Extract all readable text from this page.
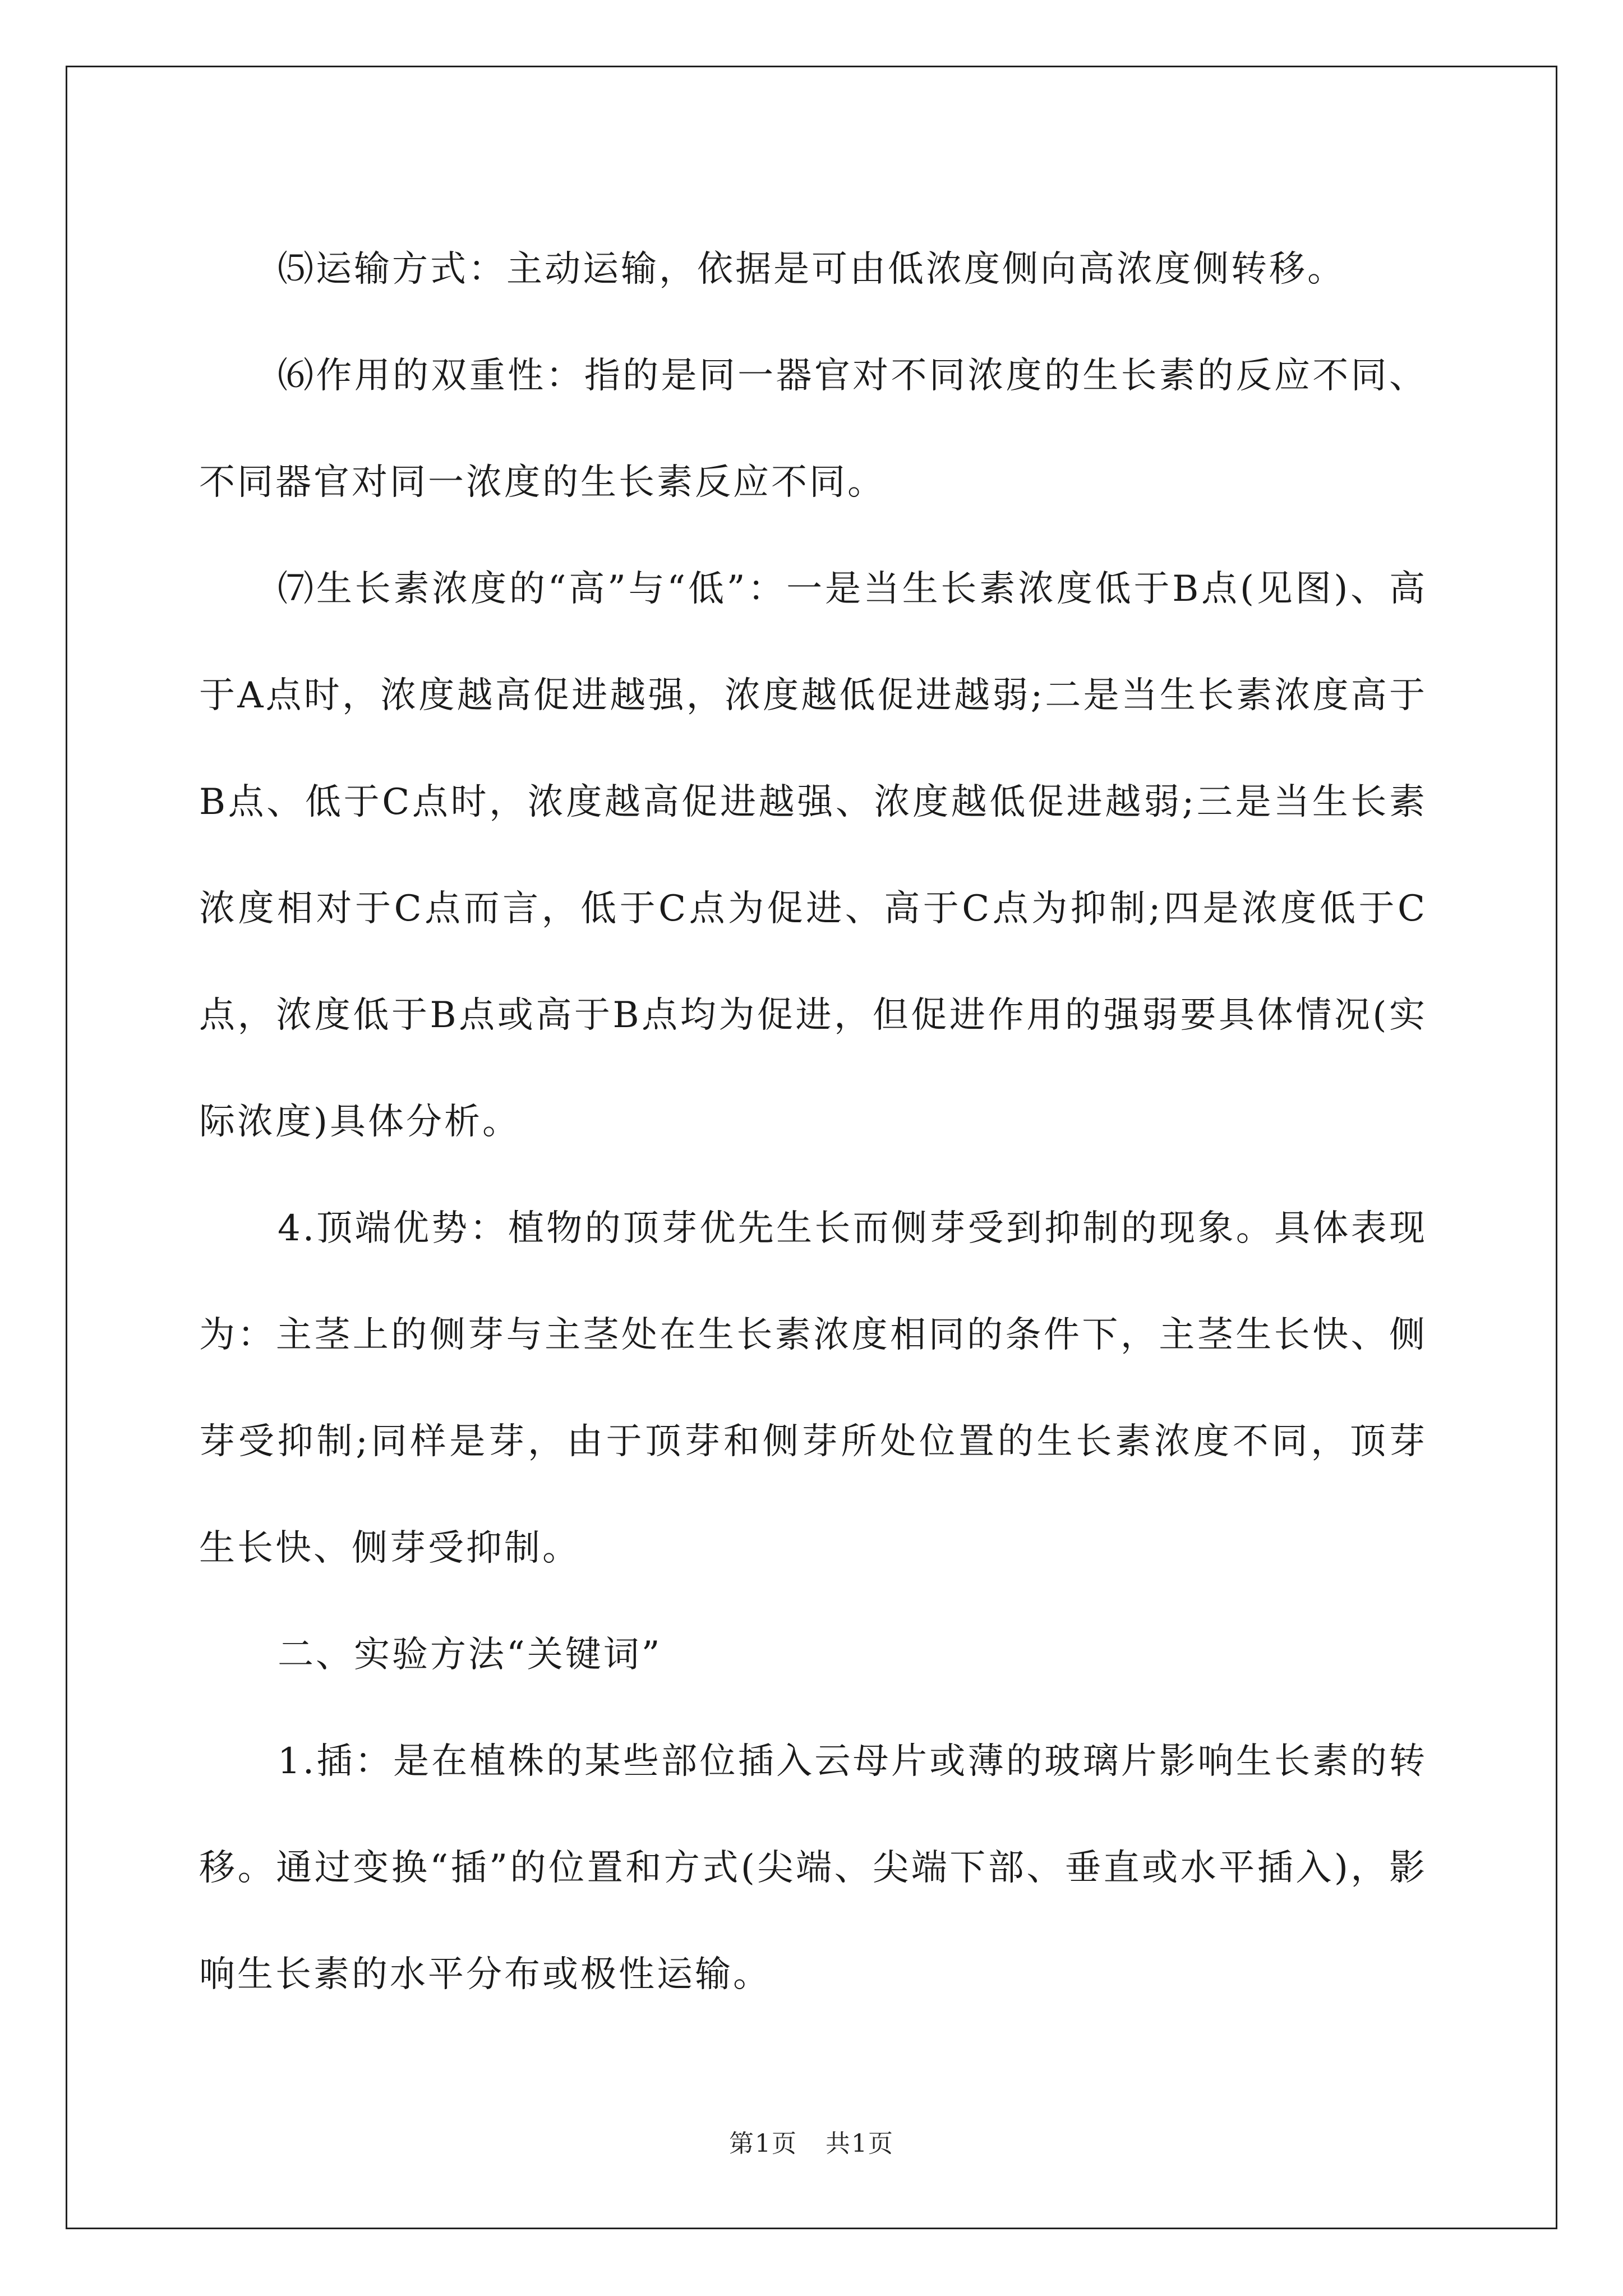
⑸运输方式：主动运输，依据是可由低浓度侧向高浓度侧转移。

⑹作用的双重性：指的是同一器官对不同浓度的生长素的反应不同、不同器官对同一浓度的生长素反应不同。

⑺生长素浓度的“高”与“低”：一是当生长素浓度低于B点(见图)、高于A点时，浓度越高促进越强，浓度越低促进越弱;二是当生长素浓度高于B点、低于C点时，浓度越高促进越强、浓度越低促进越弱;三是当生长素浓度相对于C点而言，低于C点为促进、高于C点为抑制;四是浓度低于C点，浓度低于B点或高于B点均为促进，但促进作用的强弱要具体情况(实际浓度)具体分析。

4.顶端优势：植物的顶芽优先生长而侧芽受到抑制的现象。具体表现为：主茎上的侧芽与主茎处在生长素浓度相同的条件下，主茎生长快、侧芽受抑制;同样是芽，由于顶芽和侧芽所处位置的生长素浓度不同，顶芽生长快、侧芽受抑制。

二、实验方法“关键词”

1.插：是在植株的某些部位插入云母片或薄的玻璃片影响生长素的转移。通过变换“插”的位置和方式(尖端、尖端下部、垂直或水平插入)，影响生长素的水平分布或极性运输。

第1页 共1页
